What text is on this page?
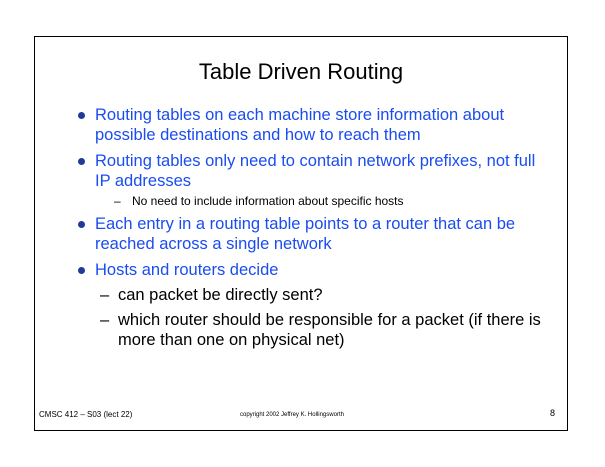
Table Driven Routing
Routing tables on each machine store information about possible destinations and how to reach them
Routing tables only need to contain network prefixes, not full IP addresses
– No need to include information about specific hosts
Each entry in a routing table points to a router that can be reached across a single network
Hosts and routers decide
– can packet be directly sent?
– which router should be responsible for a packet (if there is more than one on physical net)
CMSC 412 – S03 (lect 22)	copyright 2002 Jeffrey K. Hollingsworth	8
